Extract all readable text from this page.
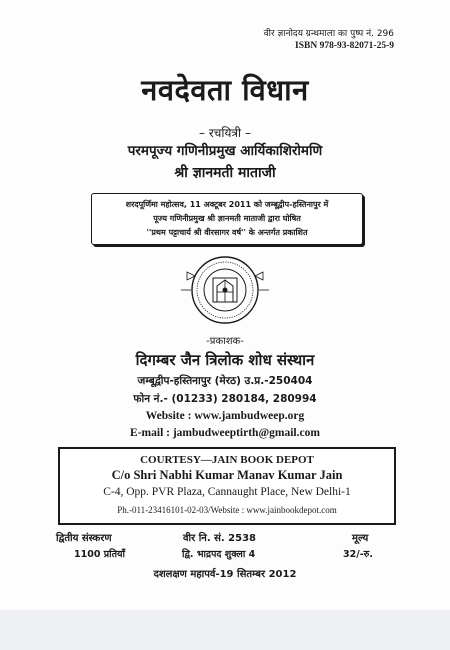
वीर ज्ञानोदय ग्रन्थमाला का पुष्प नं. 296
ISBN 978-93-82071-25-9
नवदेवता विधान
– रचयित्री –
परमपूज्य गणिनीप्रमुख आर्यिकाशिरोमणि
श्री ज्ञानमती माताजी
शरदपूर्णिमा महोत्सव, 11 अक्टूबर 2011 को जम्बूद्वीप-हस्तिनापुर में
पूज्य गणिनीप्रमुख श्री ज्ञानमती माताजी द्वारा घोषित
''प्रथम पट्टाचार्य श्री वीरसागर वर्ष'' के अन्तर्गत प्रकाशित
-प्रकाशक-
दिगम्बर जैन त्रिलोक शोध संस्थान
जम्बूद्वीप-हस्तिनापुर (मेरठ) उ.प्र.-250404
फोन नं.- (01233) 280184, 280994
Website : www.jambudweep.org
E-mail : jambudweeptirth@gmail.com
COURTESY—JAIN BOOK DEPOT
C/o Shri Nabhi Kumar Manav Kumar Jain
C-4, Opp. PVR Plaza, Cannaught Place, New Delhi-1
Ph.-011-23416101-02-03/Website : www.jainbookdepot.com
द्वितीय संस्करण	वीर नि. सं. 2538	मूल्य
1100 प्रतियाँ	द्वि. भाद्रपद शुक्ला 4	32/-रु.
दशलक्षण महापर्व-19 सितम्बर 2012
